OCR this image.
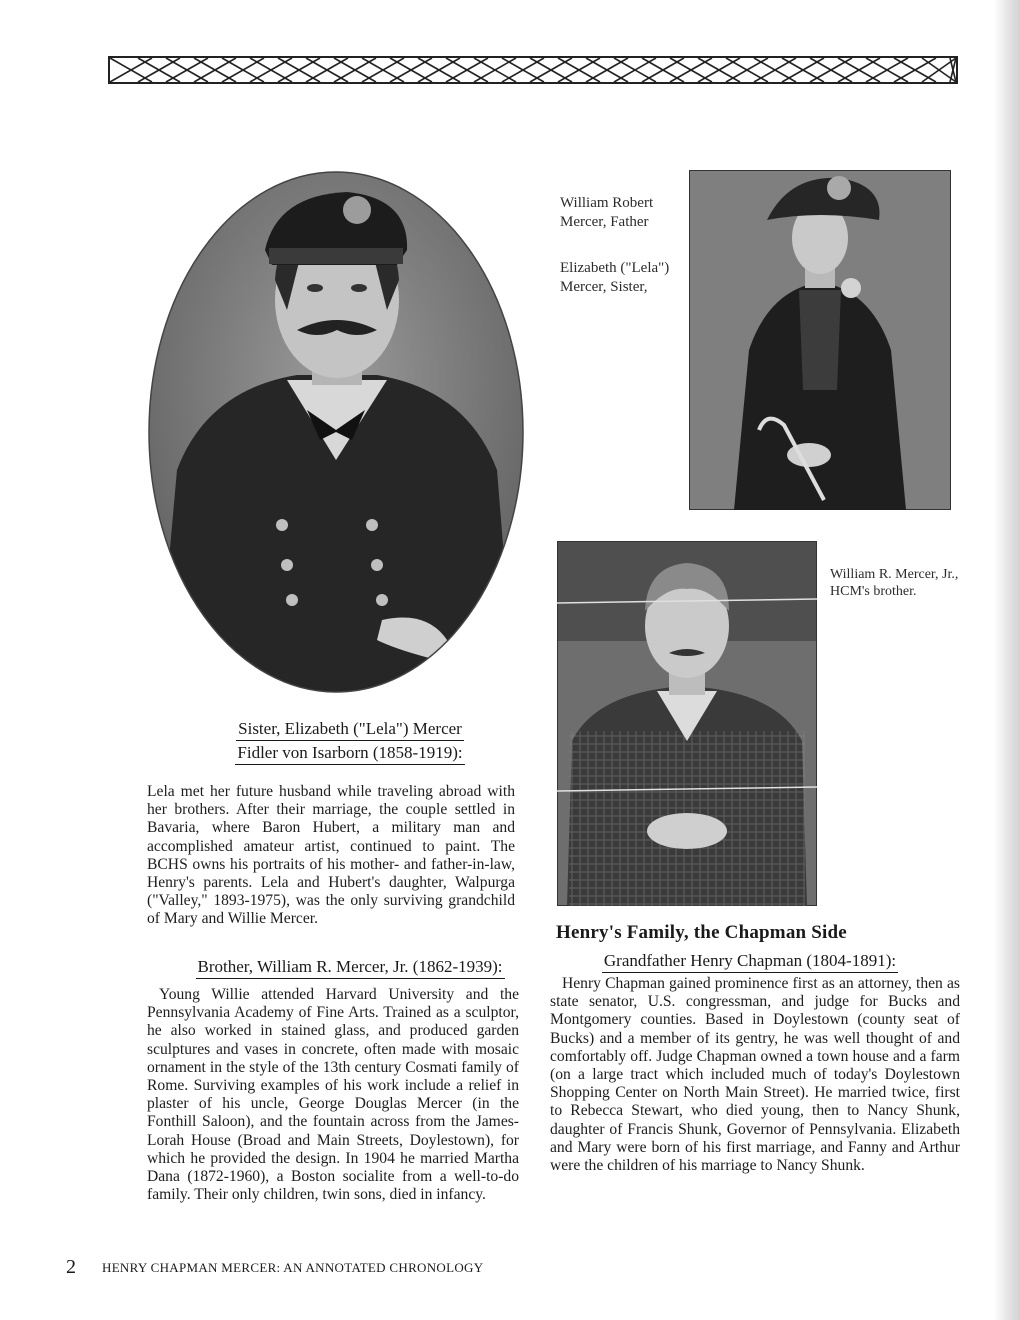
William Robert
Mercer, Father
Elizabeth ("Lela")
Mercer, Sister,
William R. Mercer, Jr.,
HCM's brother.
Sister, Elizabeth ("Lela") Mercer
Fidler von Isarborn (1858-1919):

Lela met her future husband while traveling abroad with her brothers. After their marriage, the couple settled in Bavaria, where Baron Hubert, a military man and accomplished amateur artist, continued to paint. The BCHS owns his portraits of his mother- and father-in-law, Henry's parents. Lela and Hubert's daughter, Walpurga ("Valley," 1893-1975), was the only surviving grandchild of Mary and Willie Mercer.

Brother, William R. Mercer, Jr. (1862-1939):

Young Willie attended Harvard University and the Pennsylvania Academy of Fine Arts. Trained as a sculptor, he also worked in stained glass, and produced garden sculptures and vases in concrete, often made with mosaic ornament in the style of the 13th century Cosmati family of Rome. Surviving examples of his work include a relief in plaster of his uncle, George Douglas Mercer (in the Fonthill Saloon), and the fountain across from the James-Lorah House (Broad and Main Streets, Doylestown), for which he provided the design. In 1904 he married Martha Dana (1872-1960), a Boston socialite from a well-to-do family. Their only children, twin sons, died in infancy.

Henry's Family, the Chapman Side
Grandfather Henry Chapman (1804-1891):

Henry Chapman gained prominence first as an attorney, then as state senator, U.S. congressman, and judge for Bucks and Montgomery counties. Based in Doylestown (county seat of Bucks) and a member of its gentry, he was well thought of and comfortably off. Judge Chapman owned a town house and a farm (on a large tract which included much of today's Doylestown Shopping Center on North Main Street). He married twice, first to Rebecca Stewart, who died young, then to Nancy Shunk, daughter of Francis Shunk, Governor of Pennsylvania. Elizabeth and Mary were born of his first marriage, and Fanny and Arthur were the children of his marriage to Nancy Shunk.

2 HENRY CHAPMAN MERCER: AN ANNOTATED CHRONOLOGY
